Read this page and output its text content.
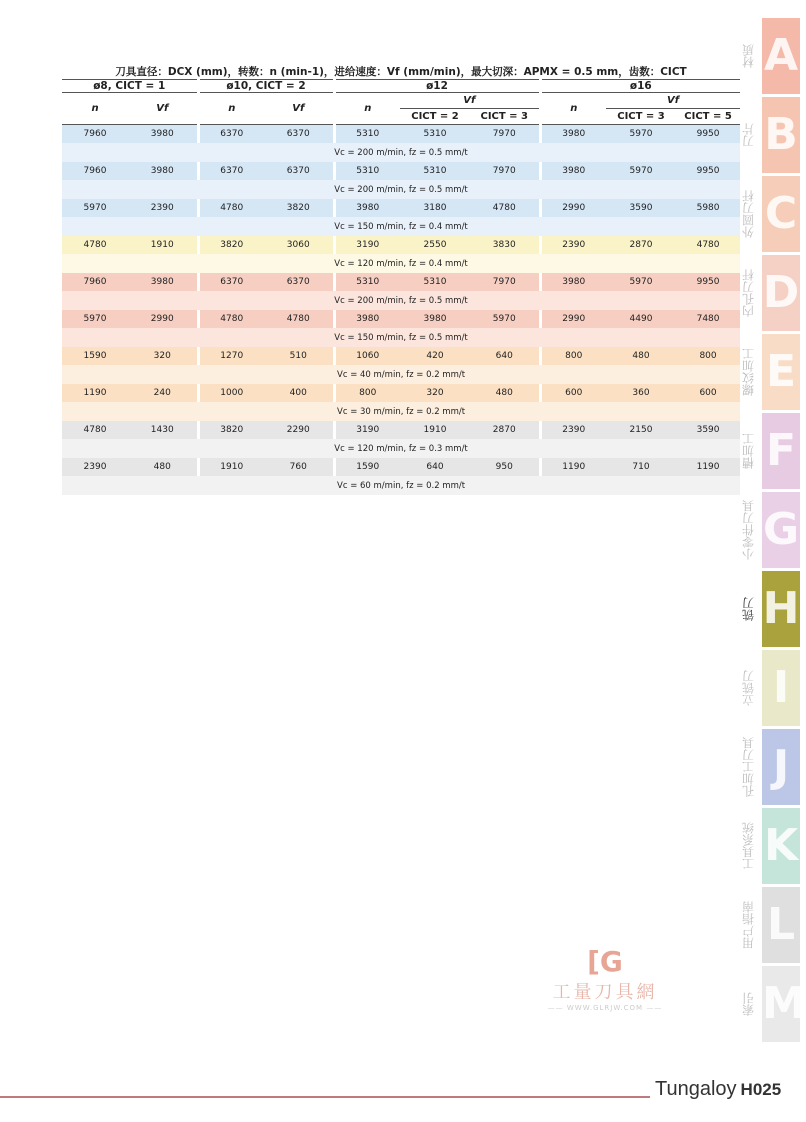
刀具直径：DCX (mm)，转数：n (min-1)，进给速度：Vf (mm/min)，最大切深：APMX = 0.5 mm，齿数：CICT									
ø8, CICT = 1		ø10, CICT = 2		ø12			ø16		
n	Vf	n	Vf	n	Vf		n	Vf	
					CICT = 2	CICT = 3		CICT = 3	CICT = 5
7960	3980	6370	6370	5310	5310	7970	3980	5970	9950
Vc = 200 m/min, fz = 0.5 mm/t									
7960	3980	6370	6370	5310	5310	7970	3980	5970	9950
Vc = 200 m/min, fz = 0.5 mm/t									
5970	2390	4780	3820	3980	3180	4780	2990	3590	5980
Vc = 150 m/min, fz = 0.4 mm/t									
4780	1910	3820	3060	3190	2550	3830	2390	2870	4780
Vc = 120 m/min, fz = 0.4 mm/t									
7960	3980	6370	6370	5310	5310	7970	3980	5970	9950
Vc = 200 m/min, fz = 0.5 mm/t									
5970	2990	4780	4780	3980	3980	5970	2990	4490	7480
Vc = 150 m/min, fz = 0.5 mm/t									
1590	320	1270	510	1060	420	640	800	480	800
Vc = 40 m/min, fz = 0.2 mm/t									
1190	240	1000	400	800	320	480	600	360	600
Vc = 30 m/min, fz = 0.2 mm/t									
4780	1430	3820	2290	3190	1910	2870	2390	2150	3590
Vc = 120 m/min, fz = 0.3 mm/t									
2390	480	1910	760	1590	640	950	1190	710	1190
Vc = 60 m/min, fz = 0.2 mm/t									
A
材质
B
刀片
C
外圆刀杆
D
内孔刀杆
E
螺纹加工
F
槽加工
G
小零件刀具
H
铣刀
I
立铣刀
J
孔加工刀具
K
工具系统
L
用户指南
M
索引
[G
工量刀具網
—— WWW.GLRJW.COM ——
Tungaloy H025
